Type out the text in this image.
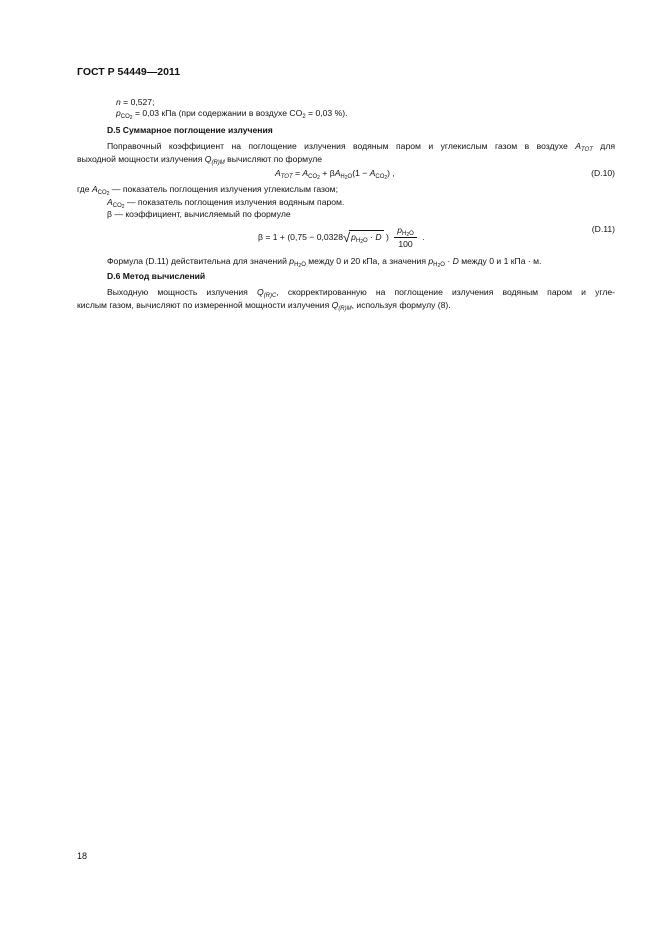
ГОСТ Р 54449—2011
n = 0,527;
$p_{CO2} = 0,03$ кПа (при содержании в воздухе $CO_2 = 0,03$ %).
D.5 Суммарное поглощение излучения
Поправочный коэффициент на поглощение излучения водяным паром и углекислым газом в воздухе $A_{TOT}$ для
выходной мощности излучения $Q_{(R)M}$ вычисляют по формуле
$A_{TOT} = A_{CO2} + \beta A_{H2O}(1 - A_{CO2})$ ,	(D.10)
где $A_{CO2}$ — показатель поглощения излучения углекислым газом;
$A_{CO2}$ — показатель поглощения излучения водяным паром.
β — коэффициент, вычисляемый по формуле
$\beta = 1 + (0,75 - 0,0328√p_{H2O} \cdot D$ ) $\frac{p_{H2O}}{100}$ .
(D.11)
Формула (D.11) действительна для значений $p_{H2O}$ между 0 и 20 кПа, а значения $p_{H2O} \cdot D$ между 0 и 1 кПа · м.
D.6 Метод вычислений
Выходную мощность излучения $Q_{(R)C}$, скорректированную на поглощение излучения водяным паром и угле-
кислым газом, вычисляют по измеренной мощности излучения $Q_{(R)M}$, используя формулу (8).
18
